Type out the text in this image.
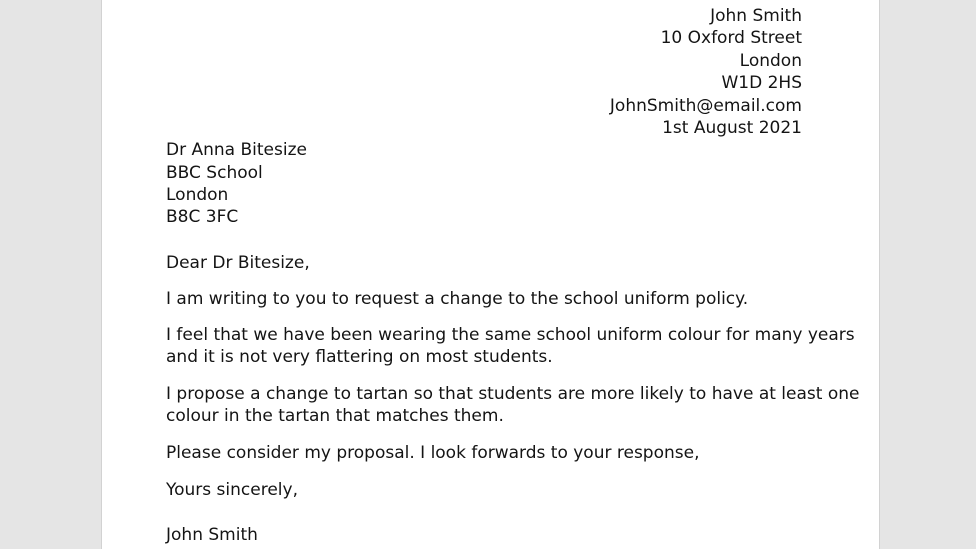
John Smith

10 Oxford Street

London

W1D 2HS

JohnSmith@email.com

1st August 2021

Dr Anna Bitesize

BBC School

London

B8C 3FC

Dear Dr Bitesize,

I am writing to you to request a change to the school uniform policy.

I feel that we have been wearing the same school uniform colour for many years

and it is not very flattering on most students.

I propose a change to tartan so that students are more likely to have at least one

colour in the tartan that matches them.

Please consider my proposal. I look forwards to your response,

Yours sincerely,

John Smith
